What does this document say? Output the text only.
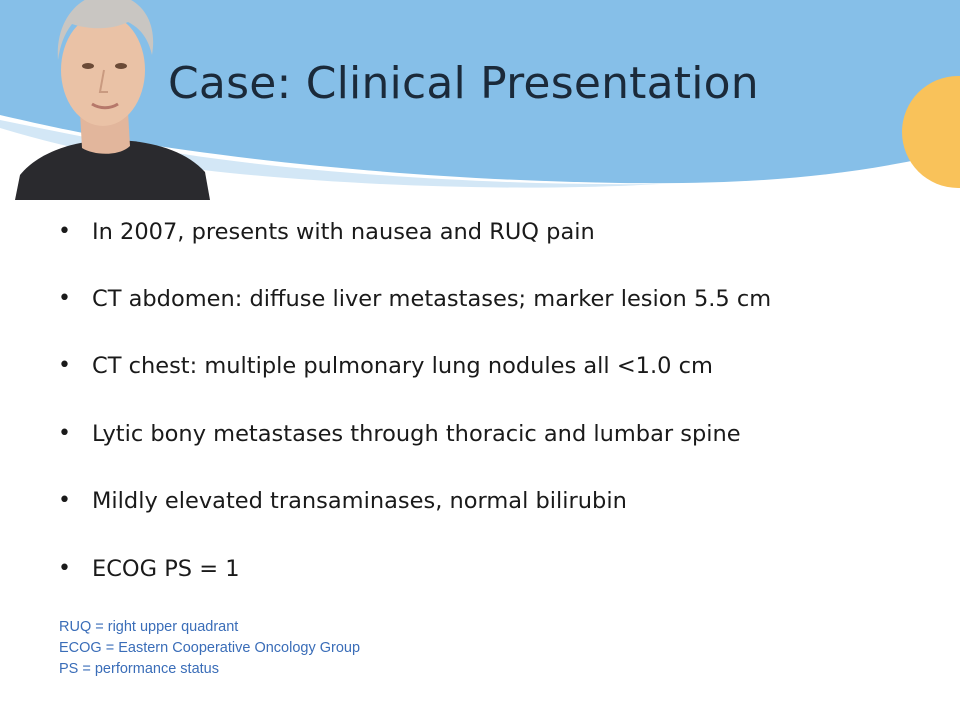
Case: Clinical Presentation
• In 2007, presents with nausea and RUQ pain
• CT abdomen: diffuse liver metastases; marker lesion 5.5 cm
• CT chest: multiple pulmonary lung nodules all <1.0 cm
• Lytic bony metastases through thoracic and lumbar spine
• Mildly elevated transaminases, normal bilirubin
• ECOG PS = 1
RUQ = right upper quadrant
ECOG = Eastern Cooperative Oncology Group
PS = performance status
